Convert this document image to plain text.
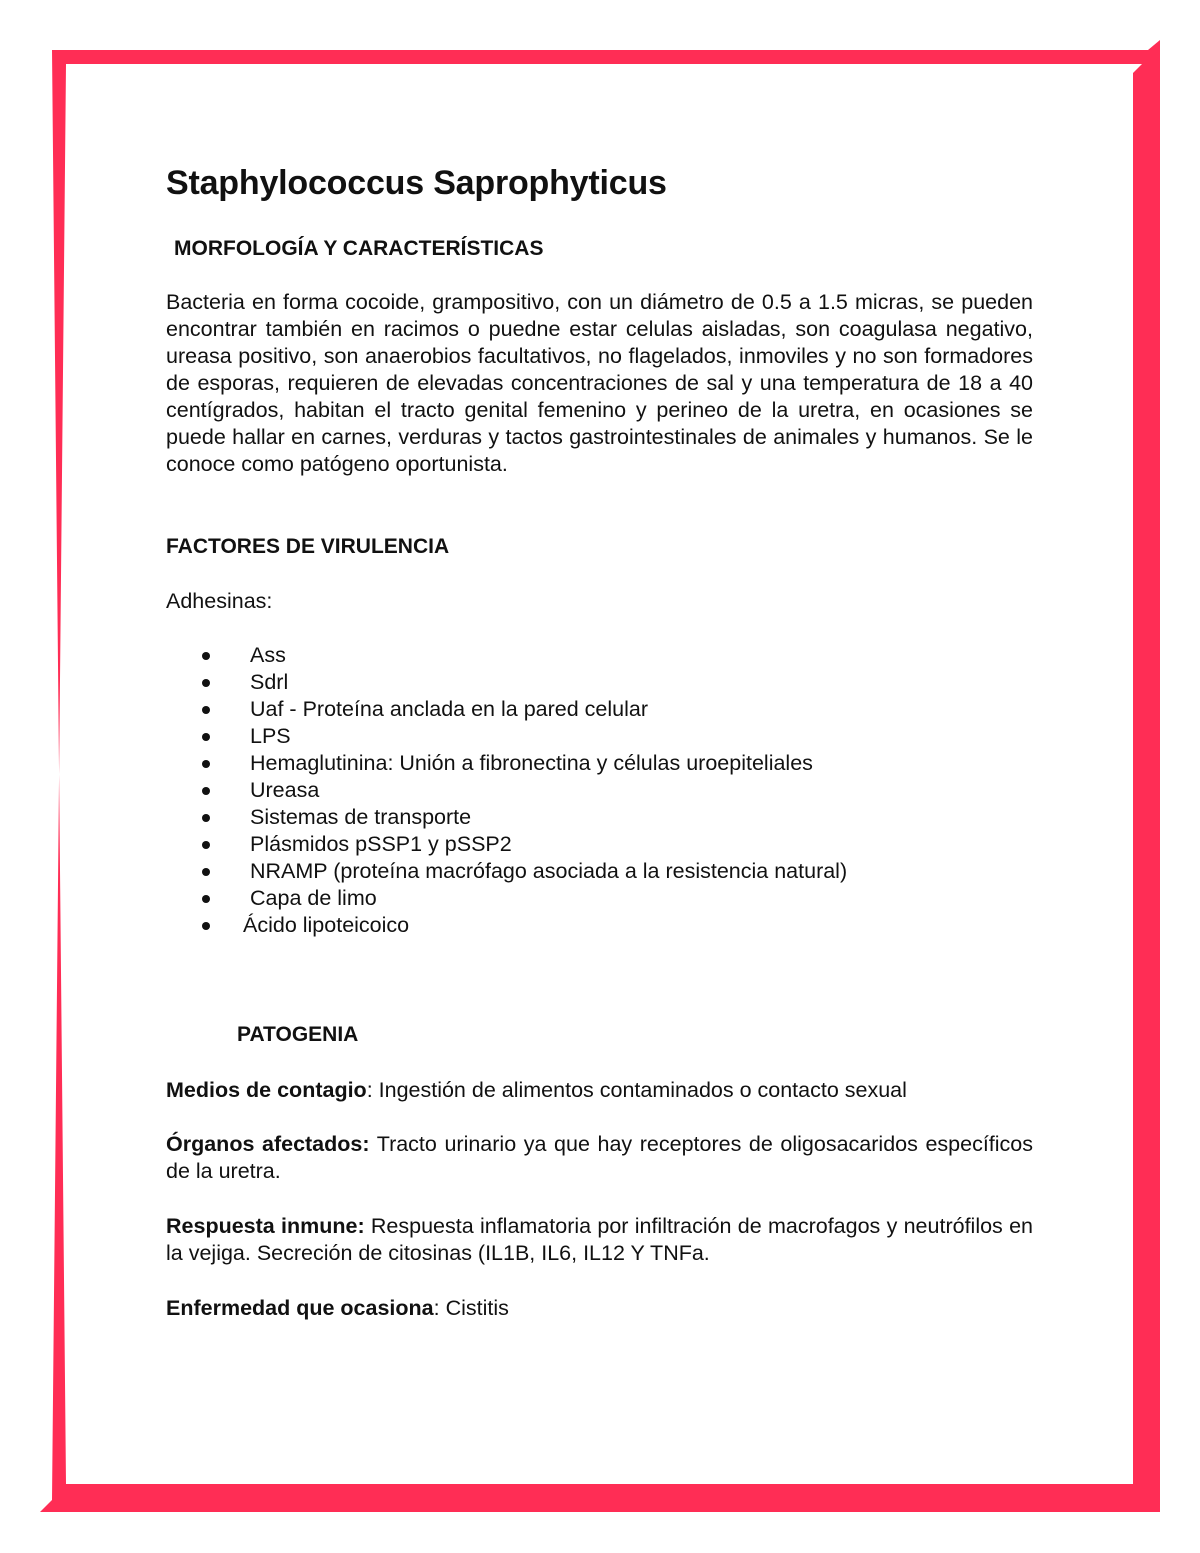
Staphylococcus Saprophyticus
MORFOLOGÍA Y CARACTERÍSTICAS

Bacteria en forma cocoide, grampositivo, con un diámetro de 0.5 a 1.5 micras, se pueden encontrar también en racimos o puedne estar celulas aisladas, son coagulasa negativo, ureasa positivo, son anaerobios facultativos, no flagelados, inmoviles y no son formadores de esporas, requieren de elevadas concentraciones de sal y una temperatura de 18 a 40 centígrados, habitan el tracto genital femenino y perineo de la uretra, en ocasiones se puede hallar en carnes, verduras y tactos gastrointestinales de animales y humanos. Se le conoce como patógeno oportunista.

FACTORES DE VIRULENCIA

Adhesinas:

Ass
Sdrl
Uaf - Proteína anclada en la pared celular
LPS
Hemaglutinina: Unión a fibronectina y células uroepiteliales
Ureasa
Sistemas de transporte
Plásmidos pSSP1 y pSSP2
NRAMP (proteína macrófago asociada a la resistencia natural)
Capa de limo
Ácido lipoteicoico
PATOGENIA

Medios de contagio: Ingestión de alimentos contaminados o contacto sexual

Órganos afectados: Tracto urinario ya que hay receptores de oligosacaridos específicos de la uretra.

Respuesta inmune: Respuesta inflamatoria por infiltración de macrofagos y neutrófilos en la vejiga. Secreción de citosinas (IL1B, IL6, IL12 Y TNFa.

Enfermedad que ocasiona: Cistitis
